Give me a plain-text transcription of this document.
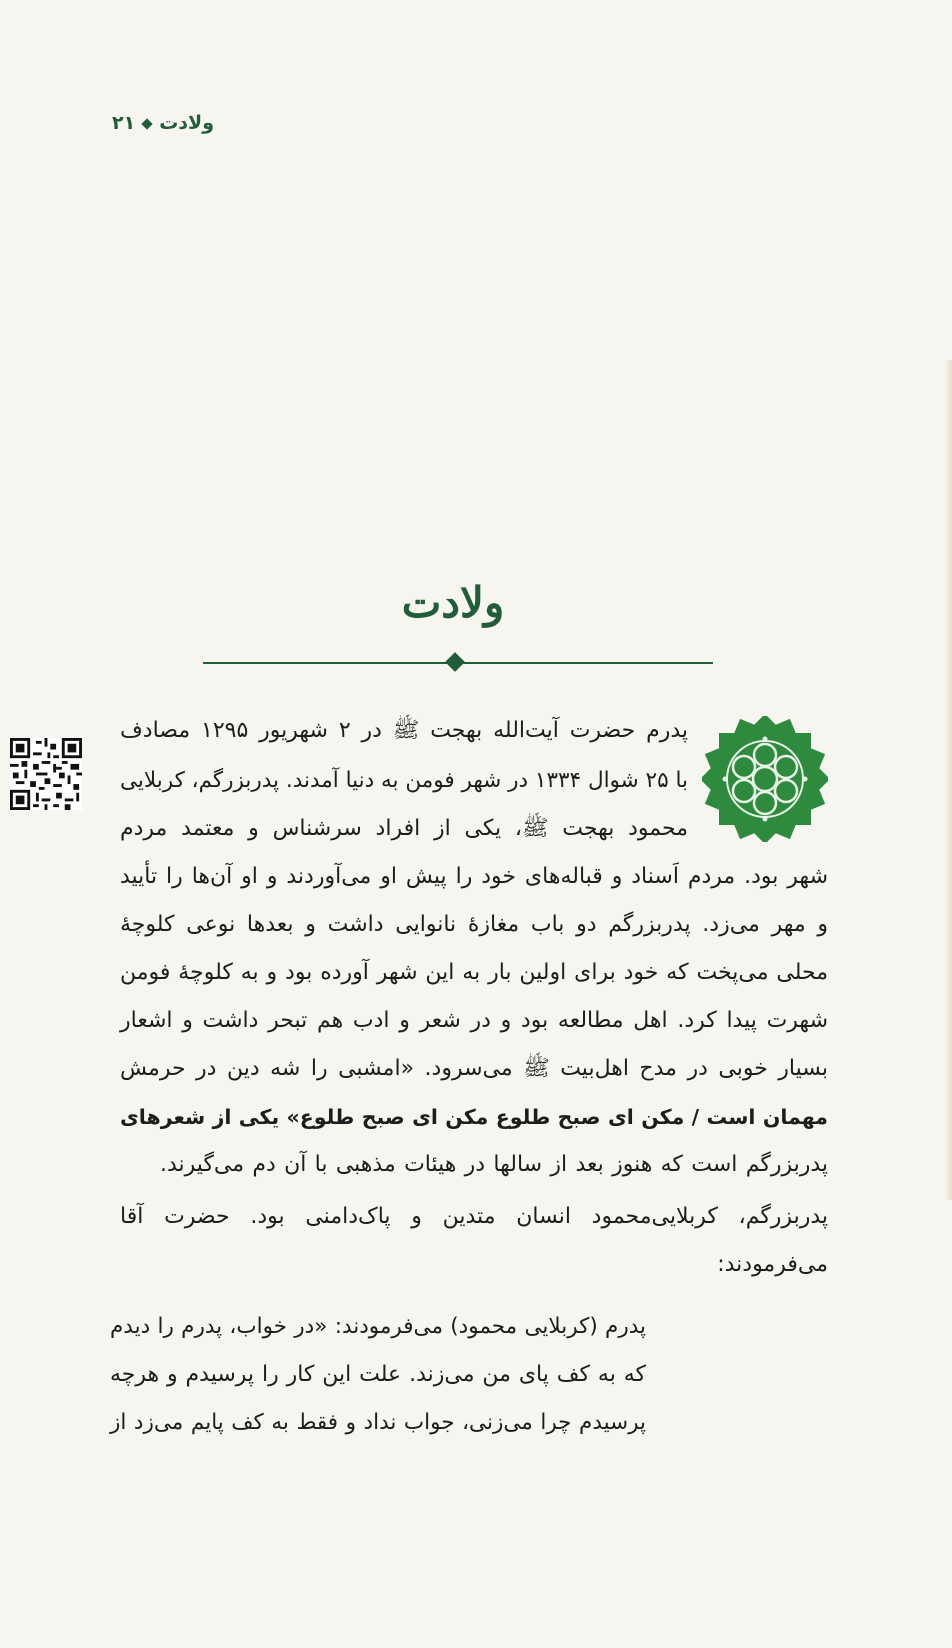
ولادت۲۱
ولادت
پدرم حضرت آیت‌الله بهجت ﷺ در ۲ شهریور ۱۲۹۵ مصادف
با ۲۵ شوال ۱۳۳۴ در شهر فومن به دنیا آمدند. پدربزرگم، کربلایی
محمود بهجت ﷺ، یکی از افراد سرشناس و معتمد مردم
شهر بود. مردم اَسناد و قباله‌های خود را پیش او می‌آوردند و او آن‌ها را تأیید
و مهر می‌زد. پدربزرگم دو باب مغازهٔ نانوایی داشت و بعدها نوعی کلوچهٔ
محلی می‌پخت که خود برای اولین بار به این شهر آورده بود و به کلوچهٔ فومن
شهرت پیدا کرد. اهل مطالعه بود و در شعر و ادب هم تبحر داشت و اشعار
بسیار خوبی در مدح اهل‌بیت ﷺ می‌سرود. «امشبی را شه دین در حرمش
مهمان است / مکن ای صبح طلوع مکن ای صبح طلوع» یکی از شعرهای
پدربزرگم است که هنوز بعد از سالها در هیئات مذهبی با آن دم می‌گیرند.
پدربزرگم، کربلایی‌محمود انسان متدین و پاک‌دامنی بود. حضرت آقا
می‌فرمودند:
پدرم (کربلایی محمود) می‌فرمودند: «در خواب، پدرم را دیدم
که به کف پای من می‌زند. علت این کار را پرسیدم و هرچه
پرسیدم چرا می‌زنی، جواب نداد و فقط به کف پایم می‌زد از
